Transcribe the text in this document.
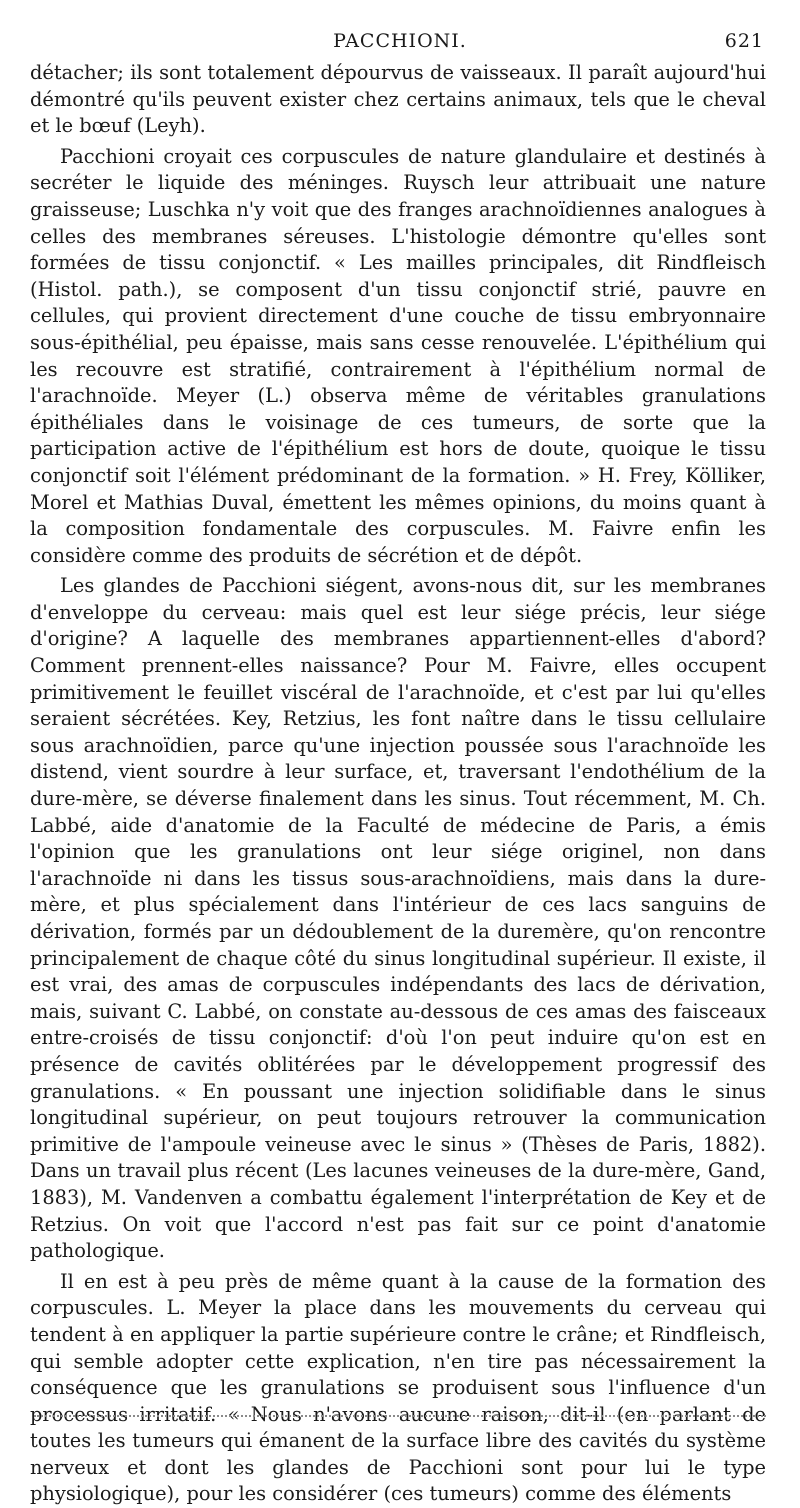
PACCHIONI.	621

détacher; ils sont totalement dépourvus de vaisseaux. Il paraît aujourd'hui démontré qu'ils peuvent exister chez certains animaux, tels que le cheval et le bœuf (Leyh).

Pacchioni croyait ces corpuscules de nature glandulaire et destinés à secréter le liquide des méninges. Ruysch leur attribuait une nature graisseuse; Luschka n'y voit que des franges arachnoïdiennes analogues à celles des membranes séreuses. L'histologie démontre qu'elles sont formées de tissu conjonctif. « Les mailles principales, dit Rindfleisch (Histol. path.), se composent d'un tissu conjonctif strié, pauvre en cellules, qui provient directement d'une couche de tissu embryonnaire sous-épithélial, peu épaisse, mais sans cesse renouvelée. L'épithélium qui les recouvre est stratifié, contrairement à l'épithélium normal de l'arachnoïde. Meyer (L.) observa même de véritables granulations épithéliales dans le voisinage de ces tumeurs, de sorte que la participation active de l'épithélium est hors de doute, quoique le tissu conjonctif soit l'élément prédominant de la formation. » H. Frey, Kölliker, Morel et Mathias Duval, émettent les mêmes opinions, du moins quant à la composition fondamentale des corpuscules. M. Faivre enfin les considère comme des produits de sécrétion et de dépôt.

Les glandes de Pacchioni siégent, avons-nous dit, sur les membranes d'enveloppe du cerveau: mais quel est leur siége précis, leur siége d'origine? A laquelle des membranes appartiennent-elles d'abord? Comment prennent-elles naissance? Pour M. Faivre, elles occupent primitivement le feuillet viscéral de l'arachnoïde, et c'est par lui qu'elles seraient sécrétées. Key, Retzius, les font naître dans le tissu cellulaire sous arachnoïdien, parce qu'une injection poussée sous l'arachnoïde les distend, vient sourdre à leur surface, et, traversant l'endothélium de la dure-mère, se déverse finalement dans les sinus. Tout récemment, M. Ch. Labbé, aide d'anatomie de la Faculté de médecine de Paris, a émis l'opinion que les granulations ont leur siége originel, non dans l'arachnoïde ni dans les tissus sous-arachnoïdiens, mais dans la dure-mère, et plus spécialement dans l'intérieur de ces lacs sanguins de dérivation, formés par un dédoublement de la duremère, qu'on rencontre principalement de chaque côté du sinus longitudinal supérieur. Il existe, il est vrai, des amas de corpuscules indépendants des lacs de dérivation, mais, suivant C. Labbé, on constate au-dessous de ces amas des faisceaux entre-croisés de tissu conjonctif: d'où l'on peut induire qu'on est en présence de cavités oblitérées par le développement progressif des granulations. « En poussant une injection solidifiable dans le sinus longitudinal supérieur, on peut toujours retrouver la communication primitive de l'ampoule veineuse avec le sinus » (Thèses de Paris, 1882). Dans un travail plus récent (Les lacunes veineuses de la dure-mère, Gand, 1883), M. Vandenven a combattu également l'interprétation de Key et de Retzius. On voit que l'accord n'est pas fait sur ce point d'anatomie pathologique.

Il en est à peu près de même quant à la cause de la formation des corpuscules. L. Meyer la place dans les mouvements du cerveau qui tendent à en appliquer la partie supérieure contre le crâne; et Rindfleisch, qui semble adopter cette explication, n'en tire pas nécessairement la conséquence que les granulations se produisent sous l'influence d'un processus irritatif. « Nous n'avons aucune raison, dit-il (en parlant de toutes les tumeurs qui émanent de la surface libre des cavités du système nerveux et dont les glandes de Pacchioni sont pour lui le type physiologique), pour les considérer (ces tumeurs) comme des éléments
